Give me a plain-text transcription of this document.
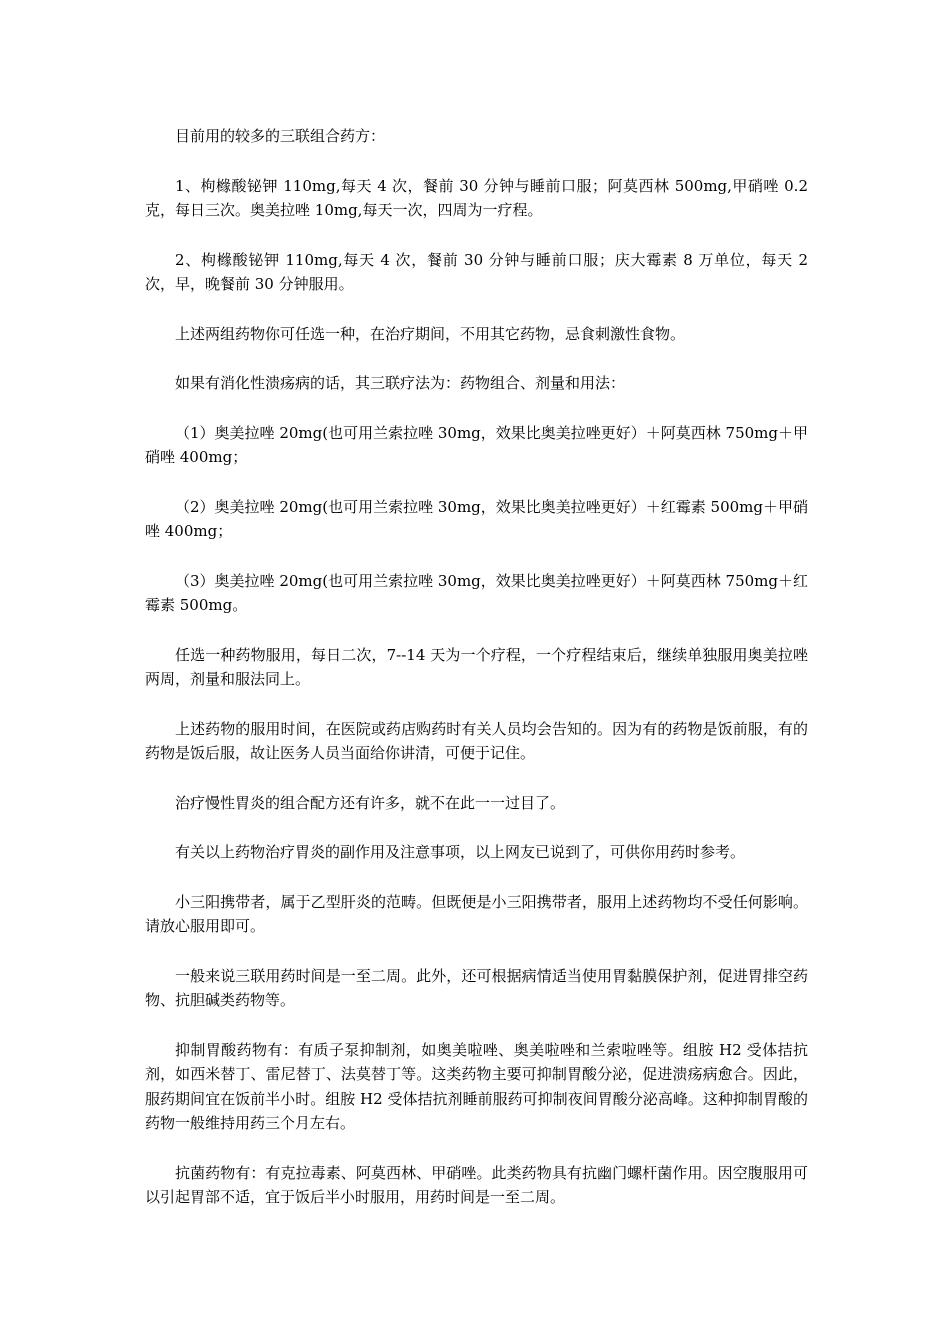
目前用的较多的三联组合药方：

1、枸橼酸铋钾 110mg,每天 4 次，餐前 30 分钟与睡前口服；阿莫西林 500mg,甲硝唑 0.2 克，每日三次。奥美拉唑 10mg,每天一次，四周为一疗程。

2、枸橼酸铋钾 110mg,每天 4 次，餐前 30 分钟与睡前口服；庆大霉素 8 万单位，每天 2 次，早，晚餐前 30 分钟服用。

上述两组药物你可任选一种，在治疗期间，不用其它药物，忌食刺激性食物。

如果有消化性溃疡病的话，其三联疗法为：药物组合、剂量和用法：

（1）奥美拉唑 20mg(也可用兰索拉唑 30mg，效果比奥美拉唑更好）＋阿莫西林 750mg＋甲硝唑 400mg；

（2）奥美拉唑 20mg(也可用兰索拉唑 30mg，效果比奥美拉唑更好）＋红霉素 500mg＋甲硝唑 400mg；

（3）奥美拉唑 20mg(也可用兰索拉唑 30mg，效果比奥美拉唑更好）＋阿莫西林 750mg＋红霉素 500mg。

任选一种药物服用，每日二次，7--14 天为一个疗程，一个疗程结束后，继续单独服用奥美拉唑两周，剂量和服法同上。

上述药物的服用时间，在医院或药店购药时有关人员均会告知的。因为有的药物是饭前服，有的药物是饭后服，故让医务人员当面给你讲清，可便于记住。

治疗慢性胃炎的组合配方还有许多，就不在此一一过目了。

有关以上药物治疗胃炎的副作用及注意事项，以上网友已说到了，可供你用药时参考。

小三阳携带者，属于乙型肝炎的范畴。但既便是小三阳携带者，服用上述药物均不受任何影响。请放心服用即可。

一般来说三联用药时间是一至二周。此外，还可根据病情适当使用胃黏膜保护剂，促进胃排空药物、抗胆碱类药物等。

抑制胃酸药物有：有质子泵抑制剂，如奥美啦唑、奥美啦唑和兰索啦唑等。组胺 H2 受体拮抗剂，如西米替丁、雷尼替丁、法莫替丁等。这类药物主要可抑制胃酸分泌，促进溃疡病愈合。因此，服药期间宜在饭前半小时。组胺 H2 受体拮抗剂睡前服药可抑制夜间胃酸分泌高峰。这种抑制胃酸的药物一般维持用药三个月左右。

抗菌药物有：有克拉毒素、阿莫西林、甲硝唑。此类药物具有抗幽门螺杆菌作用。因空腹服用可以引起胃部不适，宜于饭后半小时服用，用药时间是一至二周。
